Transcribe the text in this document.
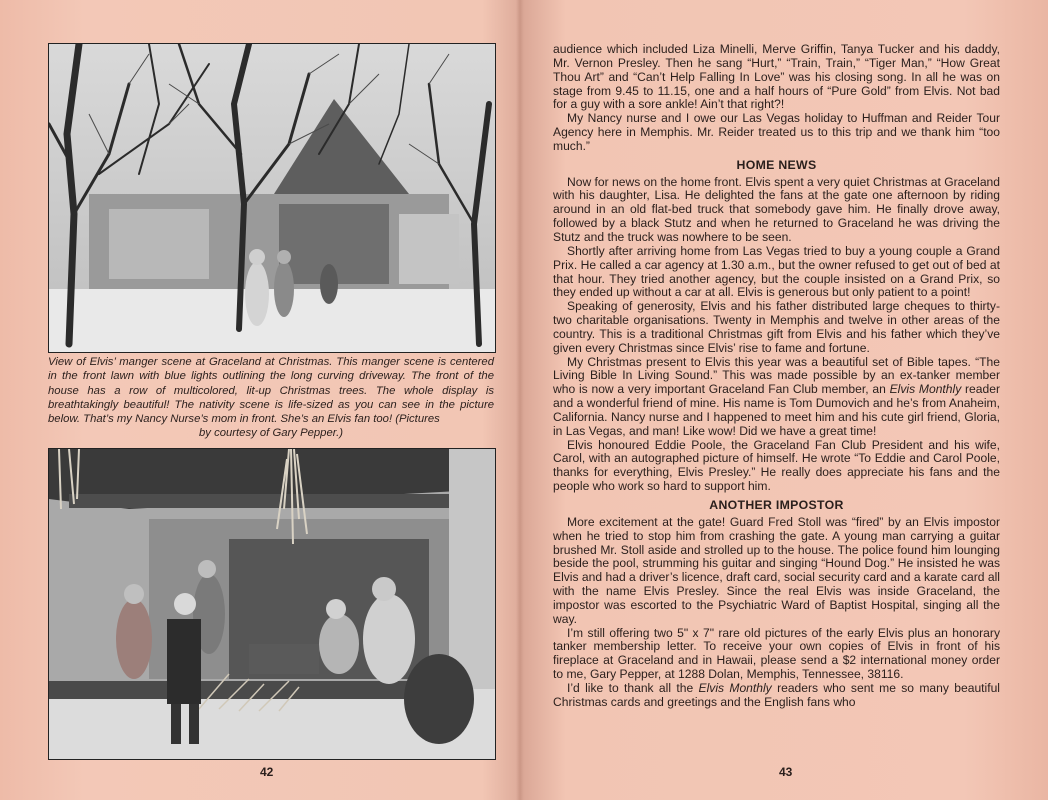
View of Elvis’ manger scene at Graceland at Christmas. This manger scene is centered in the front lawn with blue lights outlining the long curving driveway. The front of the house has a row of multicolored, lit-up Christmas trees. The whole display is breathtakingly beautiful! The nativity scene is life-sized as you can see in the picture below. That’s my Nancy Nurse’s mom in front. She’s an Elvis fan too! (Pictures
by courtesy of Gary Pepper.)

42

audience which included Liza Minelli, Merve Griffin, Tanya Tucker and his daddy, Mr. Vernon Presley. Then he sang “Hurt,” “Train, Train,” “Tiger Man,” “How Great Thou Art” and “Can’t Help Falling In Love” was his closing song. In all he was on stage from 9.45 to 11.15, one and a half hours of “Pure Gold” from Elvis. Not bad for a guy with a sore ankle! Ain’t that right?!

My Nancy nurse and I owe our Las Vegas holiday to Huffman and Reider Tour Agency here in Memphis. Mr. Reider treated us to this trip and we thank him “too much.”

HOME NEWS

Now for news on the home front. Elvis spent a very quiet Christmas at Graceland with his daughter, Lisa. He delighted the fans at the gate one afternoon by riding around in an old flat-bed truck that somebody gave him. He finally drove away, followed by a black Stutz and when he returned to Graceland he was driving the Stutz and the truck was nowhere to be seen.

Shortly after arriving home from Las Vegas tried to buy a young couple a Grand Prix. He called a car agency at 1.30 a.m., but the owner refused to get out of bed at that hour. They tried another agency, but the couple insisted on a Grand Prix, so they ended up without a car at all. Elvis is generous but only patient to a point!

Speaking of generosity, Elvis and his father distributed large cheques to thirty-two charitable organisations. Twenty in Memphis and twelve in other areas of the country. This is a traditional Christmas gift from Elvis and his father which they’ve given every Christmas since Elvis’ rise to fame and fortune.

My Christmas present to Elvis this year was a beautiful set of Bible tapes. “The Living Bible In Living Sound.” This was made possible by an ex-tanker member who is now a very important Graceland Fan Club member, an Elvis Monthly reader and a wonderful friend of mine. His name is Tom Dumovich and he’s from Anaheim, California. Nancy nurse and I happened to meet him and his cute girl friend, Gloria, in Las Vegas, and man! Like wow! Did we have a great time!

Elvis honoured Eddie Poole, the Graceland Fan Club President and his wife, Carol, with an autographed picture of himself. He wrote “To Eddie and Carol Poole, thanks for everything, Elvis Presley.” He really does appreciate his fans and the people who work so hard to support him.

ANOTHER IMPOSTOR

More excitement at the gate! Guard Fred Stoll was “fired” by an Elvis impostor when he tried to stop him from crashing the gate. A young man carrying a guitar brushed Mr. Stoll aside and strolled up to the house. The police found him lounging beside the pool, strumming his guitar and singing “Hound Dog.” He insisted he was Elvis and had a driver’s licence, draft card, social security card and a karate card all with the name Elvis Presley. Since the real Elvis was inside Graceland, the impostor was escorted to the Psychiatric Ward of Baptist Hospital, singing all the way.

I’m still offering two 5" x 7" rare old pictures of the early Elvis plus an honorary tanker membership letter. To receive your own copies of Elvis in front of his fireplace at Graceland and in Hawaii, please send a $2 international money order to me, Gary Pepper, at 1288 Dolan, Memphis, Tennessee, 38116.

I’d like to thank all the Elvis Monthly readers who sent me so many beautiful Christmas cards and greetings and the English fans who

43
